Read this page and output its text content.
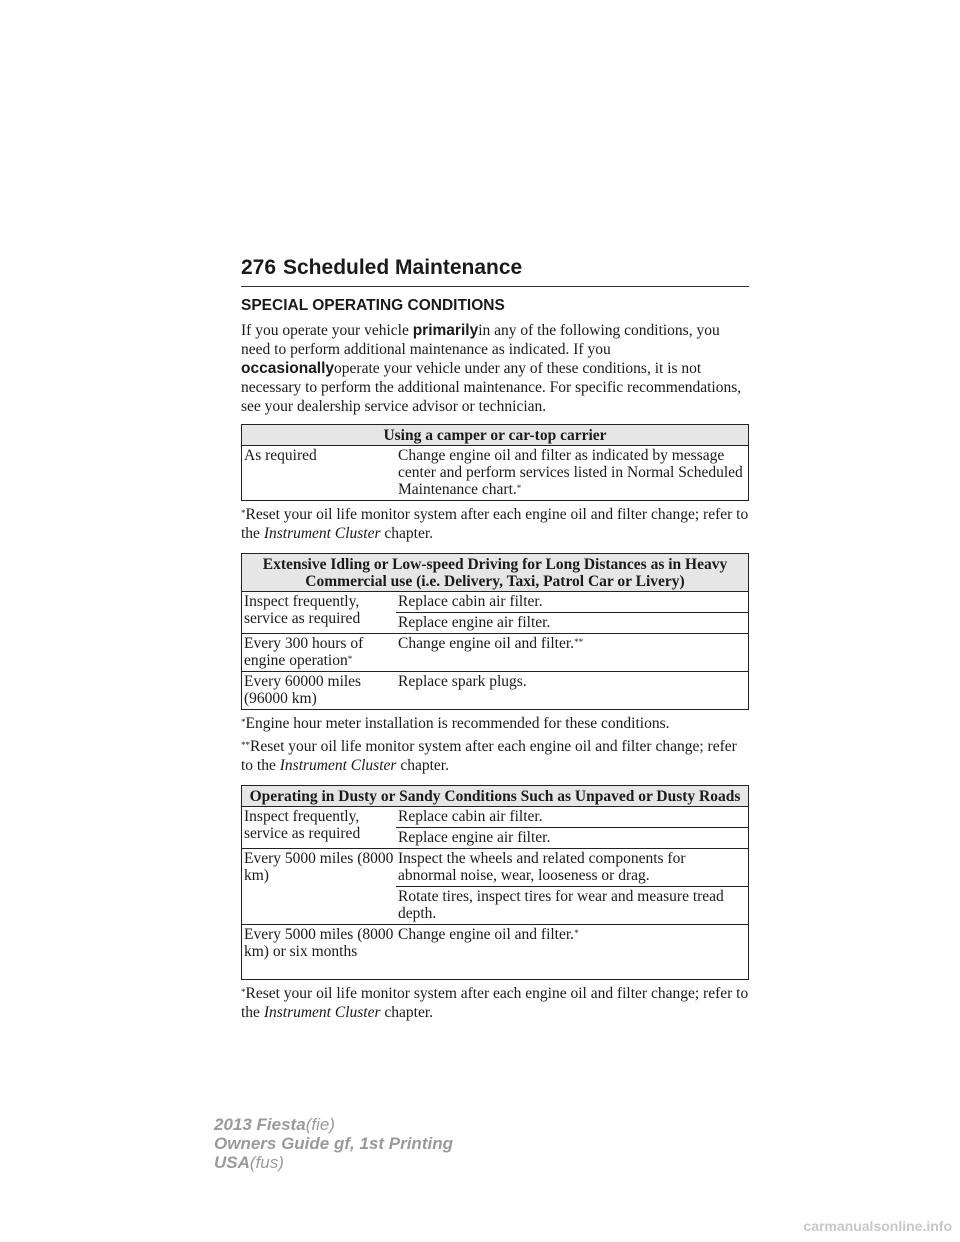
276 Scheduled Maintenance
SPECIAL OPERATING CONDITIONS

If you operate your vehicle primarilyin any of the following conditions, you need to perform additional maintenance as indicated. If you occasionallyoperate your vehicle under any of these conditions, it is not necessary to perform the additional maintenance. For specific recommendations, see your dealership service advisor or technician.

Using a camper or car-top carrier
As required	Change engine oil and filter as indicated by message center and perform services listed in Normal Scheduled Maintenance chart.*

*Reset your oil life monitor system after each engine oil and filter change; refer to the Instrument Cluster chapter.

Extensive Idling or Low-speed Driving for Long Distances as in Heavy Commercial use (i.e. Delivery, Taxi, Patrol Car or Livery)	
Inspect frequently, service as required	Replace cabin air filter.
	Replace engine air filter.
Every 300 hours of engine operation*	Change engine oil and filter.**
Every 60000 miles (96000 km)	Replace spark plugs.

*Engine hour meter installation is recommended for these conditions.

**Reset your oil life monitor system after each engine oil and filter change; refer to the Instrument Cluster chapter.

Operating in Dusty or Sandy Conditions Such as Unpaved or Dusty Roads	
Inspect frequently, service as required	Replace cabin air filter.
	Replace engine air filter.
Every 5000 miles (8000 km)	Inspect the wheels and related components for abnormal noise, wear, looseness or drag.
	Rotate tires, inspect tires for wear and measure tread depth.
Every 5000 miles (8000 km) or six months	Change engine oil and filter.*

*Reset your oil life monitor system after each engine oil and filter change; refer to the Instrument Cluster chapter.

2013 Fiesta(fie)
Owners Guide gf, 1st Printing
USA(fus)
carmanualsonline.info
